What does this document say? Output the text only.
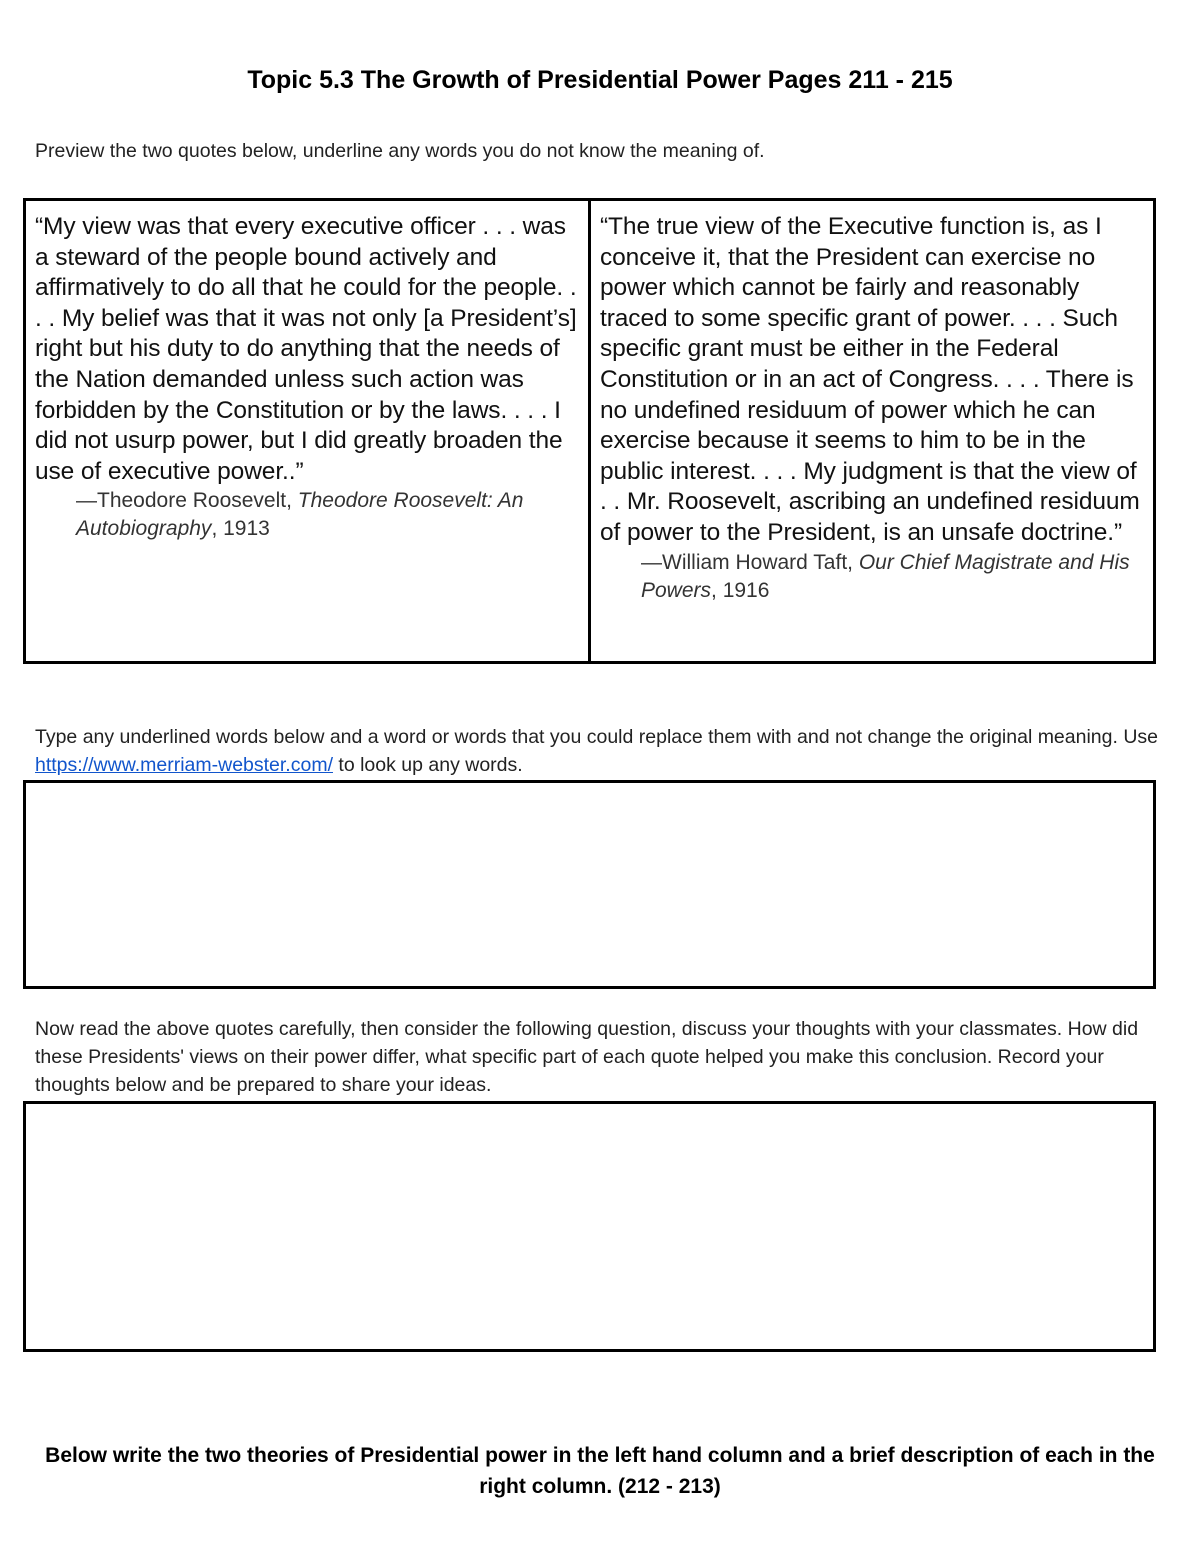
Topic 5.3 The Growth of Presidential Power Pages 211 - 215
Preview the two quotes below, underline any words you do not know the meaning of.
“My view was that every executive officer . . . was a steward of the people bound actively and affirmatively to do all that he could for the people. . . . My belief was that it was not only [a President’s] right but his duty to do anything that the needs of the Nation demanded unless such action was forbidden by the Constitution or by the laws. . . . I did not usurp power, but I did greatly broaden the use of executive power..”
—Theodore Roosevelt, Theodore Roosevelt: An Autobiography, 1913
“The true view of the Executive function is, as I conceive it, that the President can exercise no power which cannot be fairly and reasonably traced to some specific grant of power. . . . Such specific grant must be either in the Federal Constitution or in an act of Congress. . . . There is no undefined residuum of power which he can exercise because it seems to him to be in the public interest. . . . My judgment is that the view of . . Mr. Roosevelt, ascribing an undefined residuum of power to the President, is an unsafe doctrine.”
—William Howard Taft, Our Chief Magistrate and His Powers, 1916
Type any underlined words below and a word or words that you could replace them with and not change the original meaning. Use https://www.merriam-webster.com/ to look up any words.
Now read the above quotes carefully, then consider the following question, discuss your thoughts with your classmates. How did these Presidents' views on their power differ, what specific part of each quote helped you make this conclusion. Record your thoughts below and be prepared to share your ideas.
Below write the two theories of Presidential power in the left hand column and a brief description of each in the right column. (212 - 213)
